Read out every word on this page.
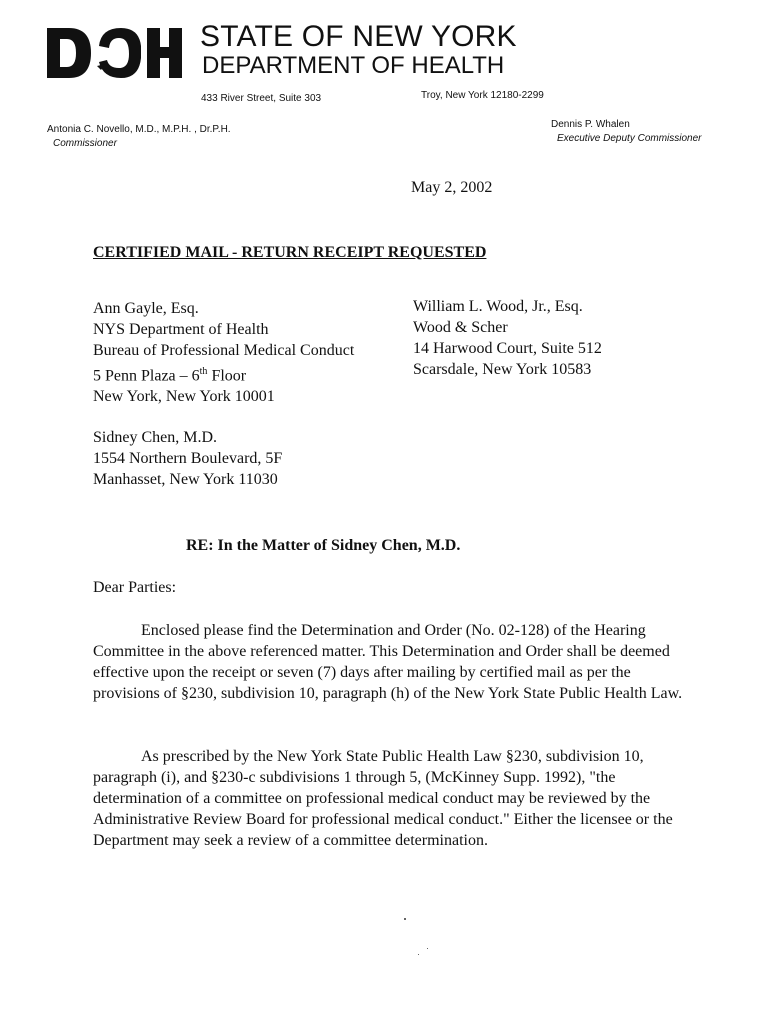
STATE OF NEW YORK
DEPARTMENT OF HEALTH
433 River Street, Suite 303	Troy, New York 12180-2299
Antonia C. Novello, M.D., M.P.H. , Dr.P.H.
Commissioner
Dennis P. Whalen
Executive Deputy Commissioner
May 2, 2002
CERTIFIED MAIL - RETURN RECEIPT REQUESTED
Ann Gayle, Esq.
NYS Department of Health
Bureau of Professional Medical Conduct
5 Penn Plaza – 6th Floor
New York, New York 10001
William L. Wood, Jr., Esq.
Wood & Scher
14 Harwood Court, Suite 512
Scarsdale, New York 10583
Sidney Chen, M.D.
1554 Northern Boulevard, 5F
Manhasset, New York 11030
RE: In the Matter of Sidney Chen, M.D.
Dear Parties:

Enclosed please find the Determination and Order (No. 02-128) of the Hearing Committee in the above referenced matter. This Determination and Order shall be deemed effective upon the receipt or seven (7) days after mailing by certified mail as per the provisions of §230, subdivision 10, paragraph (h) of the New York State Public Health Law.

As prescribed by the New York State Public Health Law §230, subdivision 10, paragraph (i), and §230-c subdivisions 1 through 5, (McKinney Supp. 1992), "the determination of a committee on professional medical conduct may be reviewed by the Administrative Review Board for professional medical conduct." Either the licensee or the Department may seek a review of a committee determination.
